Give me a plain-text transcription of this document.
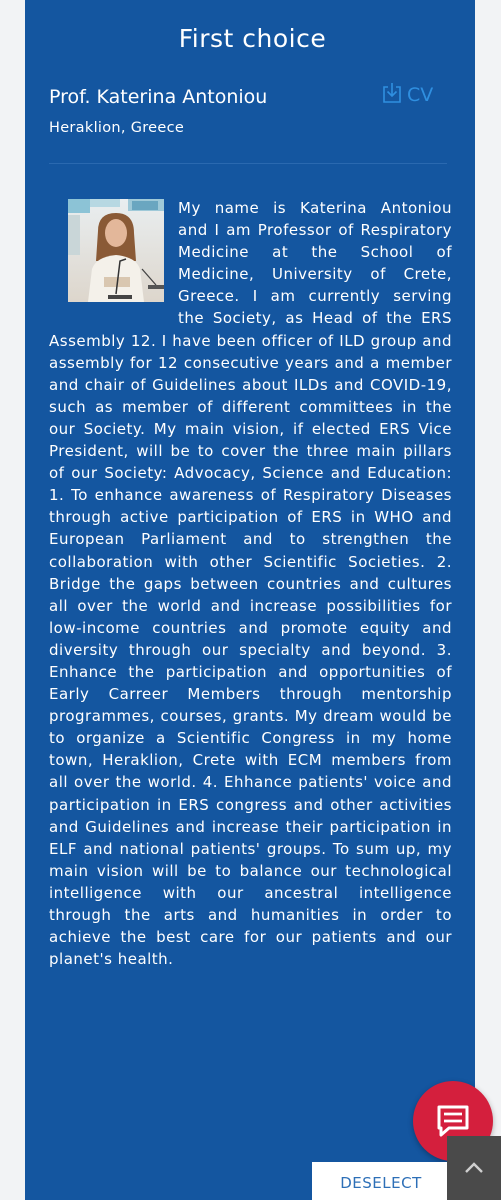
First choice
Prof. Katerina Antoniou
Heraklion, Greece
CV

My name is Katerina Antoniou and I am Professor of Respiratory Medicine at the School of Medicine, University of Crete, Greece. I am currently serving the Society, as Head of the ERS Assembly 12. I have been officer of ILD group and assembly for 12 consecutive years and a member and chair of Guidelines about ILDs and COVID-19, such as member of different committees in the our Society. My main vision, if elected ERS Vice President, will be to cover the three main pillars of our Society: Advocacy, Science and Education: 1. To enhance awareness of Respiratory Diseases through active participation of ERS in WHO and European Parliament and to strengthen the collaboration with other Scientific Societies. 2. Bridge the gaps between countries and cultures all over the world and increase possibilities for low-income countries and promote equity and diversity through our specialty and beyond. 3. Enhance the participation and opportunities of Early Carreer Members through mentorship programmes, courses, grants. My dream would be to organize a Scientific Congress in my home town, Heraklion, Crete with ECM members from all over the world. 4. Ehhance patients' voice and participation in ERS congress and other activities and Guidelines and increase their participation in ELF and national patients' groups. To sum up, my main vision will be to balance our technological intelligence with our ancestral intelligence through the arts and humanities in order to achieve the best care for our patients and our planet's health.

DESELECT
